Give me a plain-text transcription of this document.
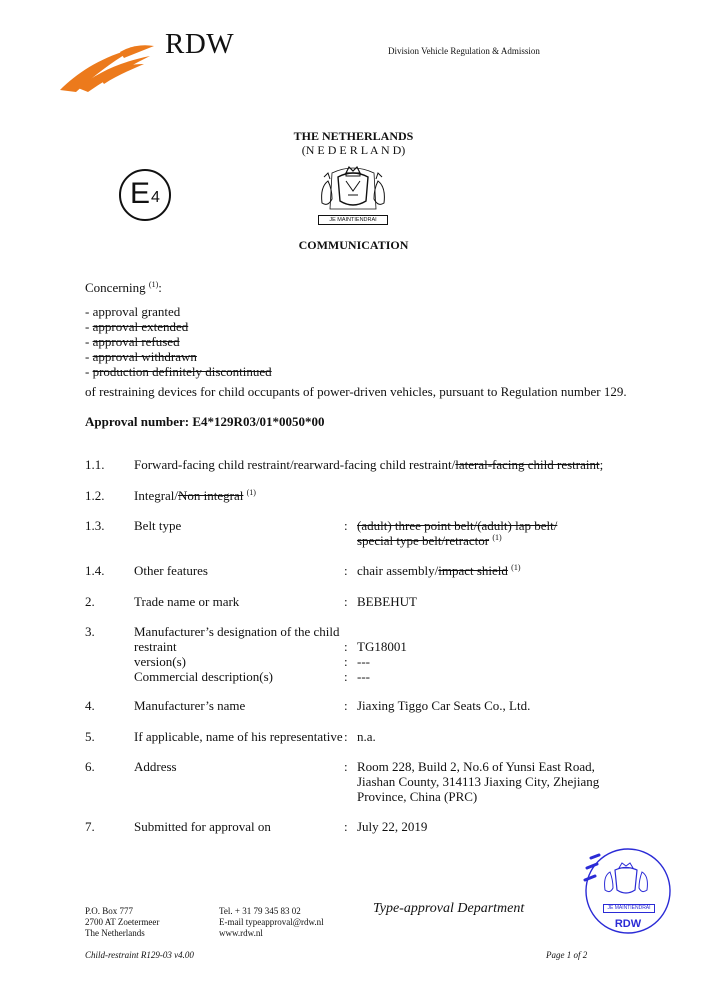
RDW	Division Vehicle Regulation & Admission
THE NETHERLANDS
(N E D E R L A N D)
E 4
JE MAINTIENDRAI
COMMUNICATION
Concerning $^{(1)}$:
- approval granted
- approval extended
- approval refused
- approval withdrawn
- production definitely discontinued
of restraining devices for child occupants of power-driven vehicles, pursuant to Regulation number 129.
Approval number: E4*129R03/01*0050*00
1.1. Forward-facing child restraint/rearward-facing child restraint/lateral-facing child restraint;
1.2. Integral/Non integral $^{(1)}$
1.3. Belt type	: (adult) three point belt/(adult) lap belt/
special type belt/retractor $^{(1)}$
1.4. Other features	: chair assembly/impact shield $^{(1)}$
2.	Trade name or mark	: BEBEHUT
3.	Manufacturer’s designation of the child
restraint	: TG18001
version(s)	: ---
Commercial description(s)	: ---
4.	Manufacturer’s name	: Jiaxing Tiggo Car Seats Co., Ltd.
5.	If applicable, name of his representative : n.a.
6.	Address	: Room 228, Build 2, No.6 of Yunsi East Road,
Jiashan County, 314113 Jiaxing City, Zhejiang
Province, China (PRC)
7.	Submitted for approval on	: July 22, 2019
P.O. Box 777
2700 AT Zoetermeer
The Netherlands
Tel. + 31 79 345 83 02
E-mail typeapproval@rdw.nl
www.rdw.nl
Type-approval Department	JE MAINTIENDRAI
RDW
Child-restraint R129-03 v4.00	Page 1 of 2
